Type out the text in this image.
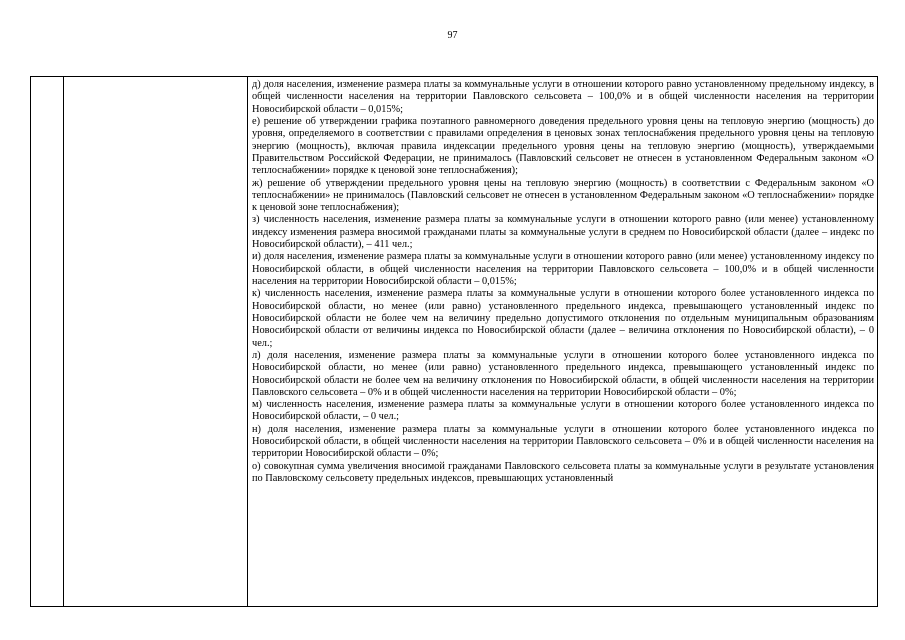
97

д) доля населения, изменение размера платы за коммунальные услуги в отношении которого равно установленному предельному индексу, в общей численности населения на территории Павловского сельсовета – 100,0% и в общей численности населения на территории Новосибирской области – 0,015%;

е) решение об утверждении графика поэтапного равномерного доведения предельного уровня цены на тепловую энергию (мощность) до уровня, определяемого в соответствии с правилами определения в ценовых зонах теплоснабжения предельного уровня цены на тепловую энергию (мощность), включая правила индексации предельного уровня цены на тепловую энергию (мощность), утверждаемыми Правительством Российской Федерации, не принималось (Павловский сельсовет не отнесен в установленном Федеральным законом «О теплоснабжении» порядке к ценовой зоне теплоснабжения);

ж) решение об утверждении предельного уровня цены на тепловую энергию (мощность) в соответствии с Федеральным законом «О теплоснабжении» не принималось (Павловский сельсовет не отнесен в установленном Федеральным законом «О теплоснабжении» порядке к ценовой зоне теплоснабжения);

з) численность населения, изменение размера платы за коммунальные услуги в отношении которого равно (или менее) установленному индексу изменения размера вносимой гражданами платы за коммунальные услуги в среднем по Новосибирской области (далее – индекс по Новосибирской области), – 411 чел.;

и) доля населения, изменение размера платы за коммунальные услуги в отношении которого равно (или менее) установленному индексу по Новосибирской области, в общей численности населения на территории Павловского сельсовета – 100,0% и в общей численности населения на территории Новосибирской области – 0,015%;

к) численность населения, изменение размера платы за коммунальные услуги в отношении которого более установленного индекса по Новосибирской области, но менее (или равно) установленного предельного индекса, превышающего установленный индекс по Новосибирской области не более чем на величину предельно допустимого отклонения по отдельным муниципальным образованиям Новосибирской области от величины индекса по Новосибирской области (далее – величина отклонения по Новосибирской области), – 0 чел.;

л) доля населения, изменение размера платы за коммунальные услуги в отношении которого более установленного индекса по Новосибирской области, но менее (или равно) установленного предельного индекса, превышающего установленный индекс по Новосибирской области не более чем на величину отклонения по Новосибирской области, в общей численности населения на территории Павловского сельсовета – 0% и в общей численности населения на территории Новосибирской области – 0%;

м) численность населения, изменение размера платы за коммунальные услуги в отношении которого более установленного индекса по Новосибирской области, – 0 чел.;

н) доля населения, изменение размера платы за коммунальные услуги в отношении которого более установленного индекса по Новосибирской области, в общей численности населения на территории Павловского сельсовета – 0% и в общей численности населения на территории Новосибирской области – 0%;

о) совокупная сумма увеличения вносимой гражданами Павловского сельсовета платы за коммунальные услуги в результате установления по Павловскому сельсовету предельных индексов, превышающих установленный
